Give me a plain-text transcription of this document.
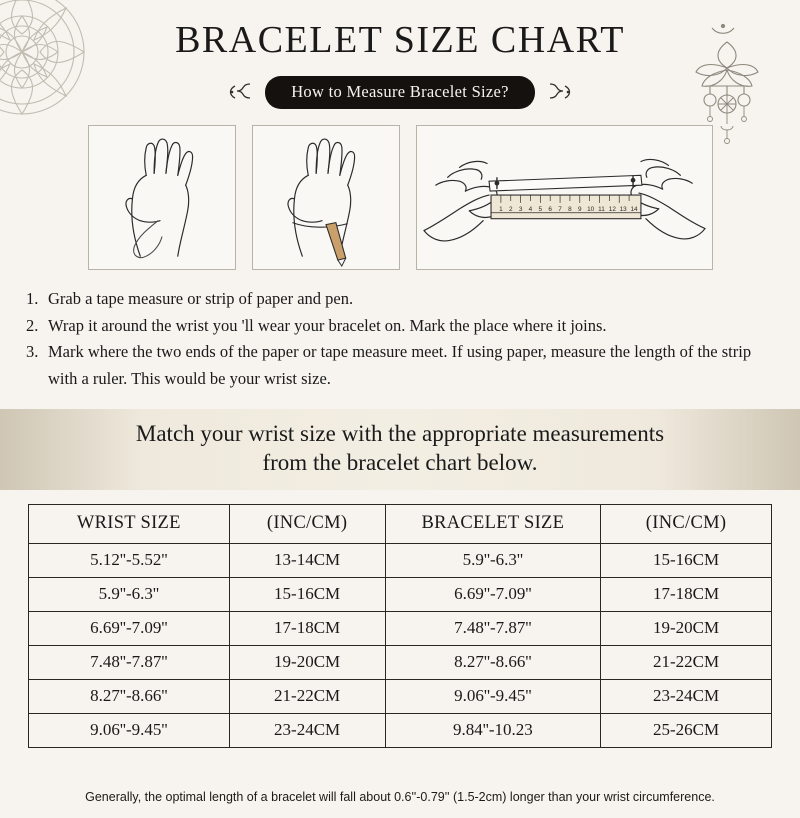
BRACELET SIZE CHART
How to Measure Bracelet Size?
1 2 3 4 5 6 7 8 9 10 11 12 13 14
1. Grab a tape measure or strip of paper and pen.
2. Wrap it around the wrist you 'll wear your bracelet on. Mark the place where it joins.
3. Mark where the two ends of the paper or tape measure meet. If using paper, measure the length of the strip with a ruler. This would be your wrist size.
Match your wrist size with the appropriate measurements
from the bracelet chart below.
WRIST SIZE	(INC/CM)	BRACELET SIZE	(INC/CM)
5.12''-5.52''	13-14CM	5.9''-6.3''	15-16CM
5.9''-6.3''	15-16CM	6.69''-7.09''	17-18CM
6.69''-7.09''	17-18CM	7.48''-7.87''	19-20CM
7.48''-7.87''	19-20CM	8.27''-8.66''	21-22CM
8.27''-8.66''	21-22CM	9.06''-9.45''	23-24CM
9.06''-9.45''	23-24CM	9.84''-10.23	25-26CM
Generally, the optimal length of a bracelet will fall about 0.6''-0.79'' (1.5-2cm) longer than your wrist circumference.
